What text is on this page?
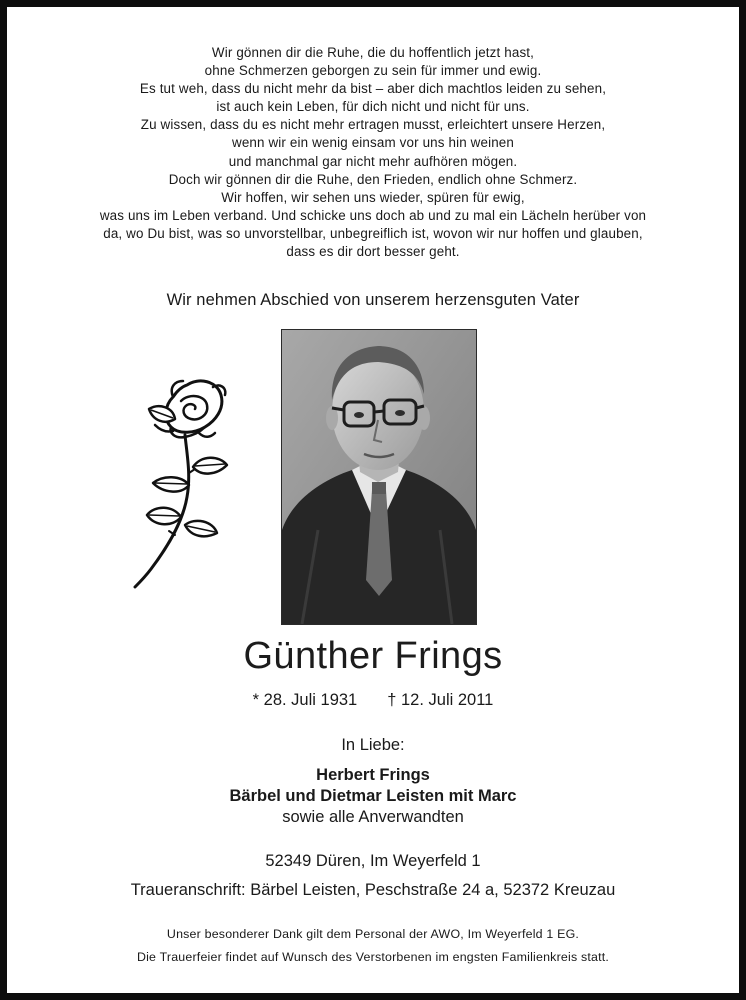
Wir gönnen dir die Ruhe, die du hoffentlich jetzt hast,
ohne Schmerzen geborgen zu sein für immer und ewig.
Es tut weh, dass du nicht mehr da bist – aber dich machtlos leiden zu sehen,
ist auch kein Leben, für dich nicht und nicht für uns.
Zu wissen, dass du es nicht mehr ertragen musst, erleichtert unsere Herzen,
wenn wir ein wenig einsam vor uns hin weinen
und manchmal gar nicht mehr aufhören mögen.
Doch wir gönnen dir die Ruhe, den Frieden, endlich ohne Schmerz.
Wir hoffen, wir sehen uns wieder, spüren für ewig,
was uns im Leben verband. Und schicke uns doch ab und zu mal ein Lächeln herüber von
da, wo Du bist, was so unvorstellbar, unbegreiflich ist, wovon wir nur hoffen und glauben,
dass es dir dort besser geht.
Wir nehmen Abschied von unserem herzensguten Vater
Günther Frings
* 28. Juli 1931 † 12. Juli 2011
In Liebe:
Herbert Frings
Bärbel und Dietmar Leisten mit Marc
sowie alle Anverwandten
52349 Düren, Im Weyerfeld 1
Traueranschrift: Bärbel Leisten, Peschstraße 24 a, 52372 Kreuzau
Unser besonderer Dank gilt dem Personal der AWO, Im Weyerfeld 1 EG.
Die Trauerfeier findet auf Wunsch des Verstorbenen im engsten Familienkreis statt.
